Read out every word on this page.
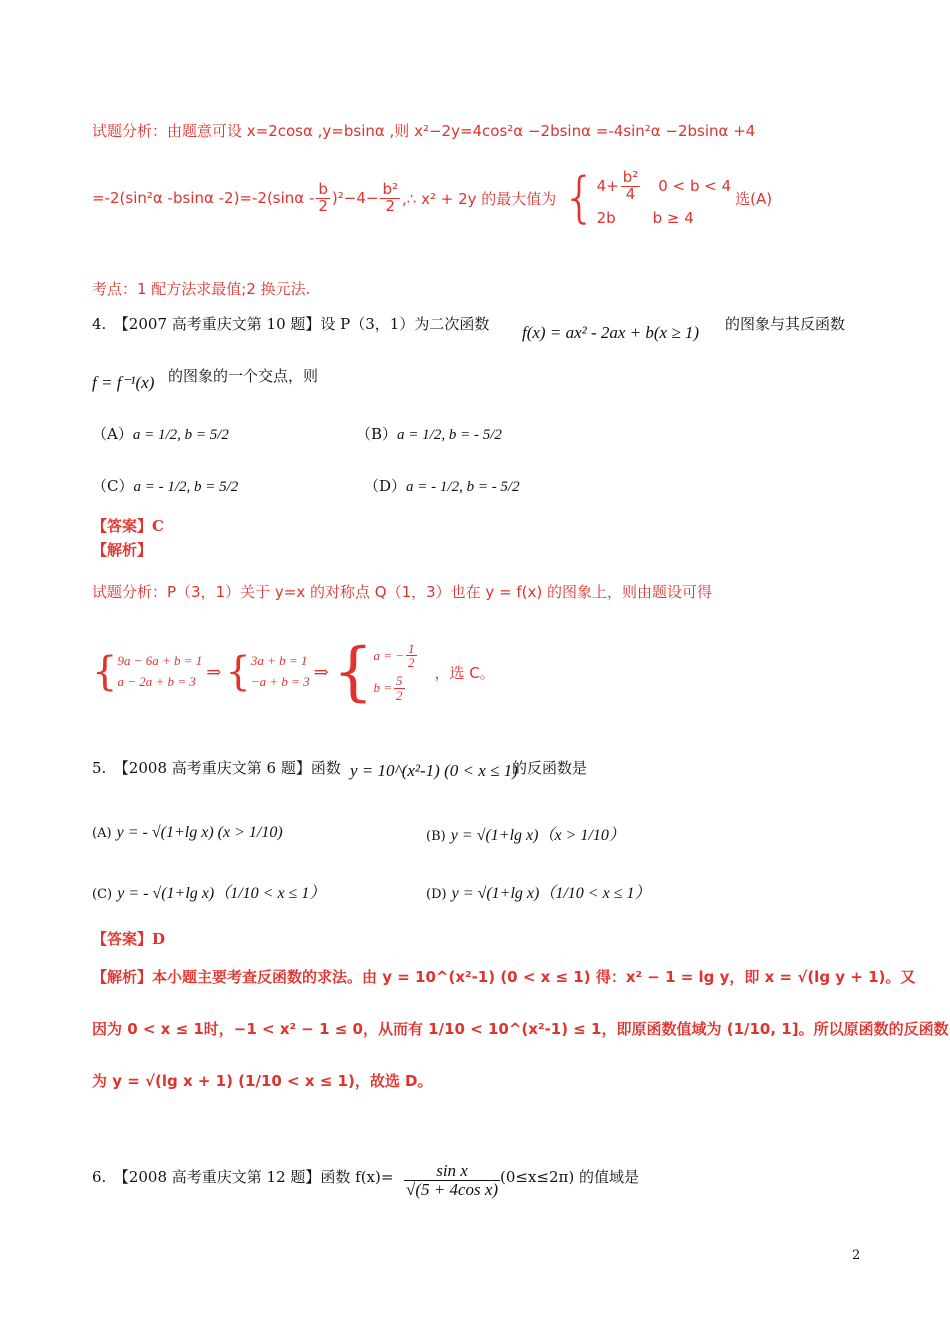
试题分析：由题意可设 x=2cosα ,y=bsinα ,则 x²−2y=4cos²α −2bsinα =-4sin²α −2bsinα +4
=-2(sin²α -bsinα $-2)=-2(\sin\alpha - \frac{b}{2} )^2-4- \frac{\text{b²}}{2}$ ,∴ x² + 2y 的最大值为 { $4+ \frac{\text{b²}}{4} 0 < b < 4$
2b	b ≥ 4
选(A)
考点：1 配方法求最值;2 换元法.
4.　【2007 高考重庆文第 10 题】设 P（3，1）为二次函数 f(x) = ax² - 2ax + b(x ≥ 1) 的图象与其反函数
f = f⁻¹(x) 的图象的一个交点，则
（A）a = 1/2, b = 5/2	（B）a = 1/2, b = - 5/2
（C）a = - 1/2, b = 5/2	（D）a = - 1/2, b = - 5/2
【答案】C
【解析】
试题分析：P（3，1）关于 y=x 的对称点 Q（1，3）也在 y = f(x) 的图象上，则由题设可得
{ 9a − 6a + b = 1
a − 2a + b = 3 ⇒ { 3a + b = 1
−a + b = 3 ⇒ { a = − $\frac{1}{2}$
$b = \frac{5}{2}$
，选 C。
5.　【2008 高考重庆文第 6 题】函数 y = 10^(x²-1) (0 < x ≤ 1)
的反函数是
(A) y = - √(1+lg x) (x > 1/10)	(B) y = √(1+lg x)（x > 1/10）
(C) y = - √(1+lg x)（1/10 < x ≤ 1）	(D) y = √(1+lg x)（1/10 < x ≤ 1）
【答案】D
【解析】本小题主要考查反函数的求法。由 y = 10^(x²-1) (0 < x ≤ 1) 得：x² − 1 = lg y，即 x = √(lg y + 1)。又
因为 0 < x ≤ 1时，−1 < x² − 1 ≤ 0，从而有 1/10 < 10^(x²-1) ≤ 1，即原函数值域为 (1/10, 1]。所以原函数的反函数
为 y = √(lg x + 1) (1/10 < x ≤ 1)，故选 D。
6.　【2008 高考重庆文第 12 题】函数 $f(x)= \frac{\text{sin x}}{\text{√(5 + 4cos x)}} (0\le x\le 2\pi)$ 的值域是
2
